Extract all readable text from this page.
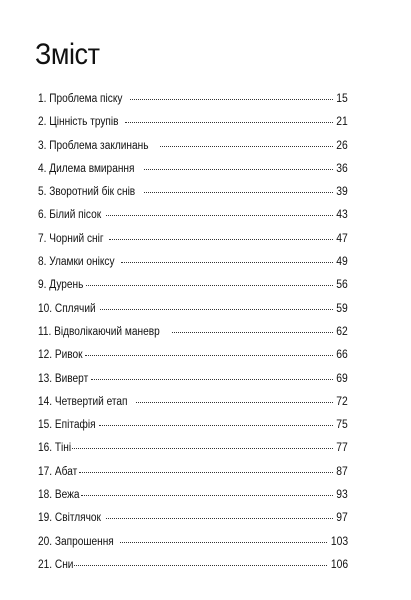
Зміст
1. Проблема піску	15
2. Цінність трупів	21
3. Проблема заклинань	26
4. Дилема вмирання	36
5. Зворотний бік снів	39
6. Білий пісок	43
7. Чорний сніг	47
8. Уламки оніксу	49
9. Дурень	56
10. Сплячий	59
11. Відволікаючий маневр	62
12. Ривок	66
13. Виверт	69
14. Четвертий етап	72
15. Епітафія	75
16. Тіні	77
17. Абат	87
18. Вежа	93
19. Світлячок	97
20. Запрошення	103
21. Сни	106
